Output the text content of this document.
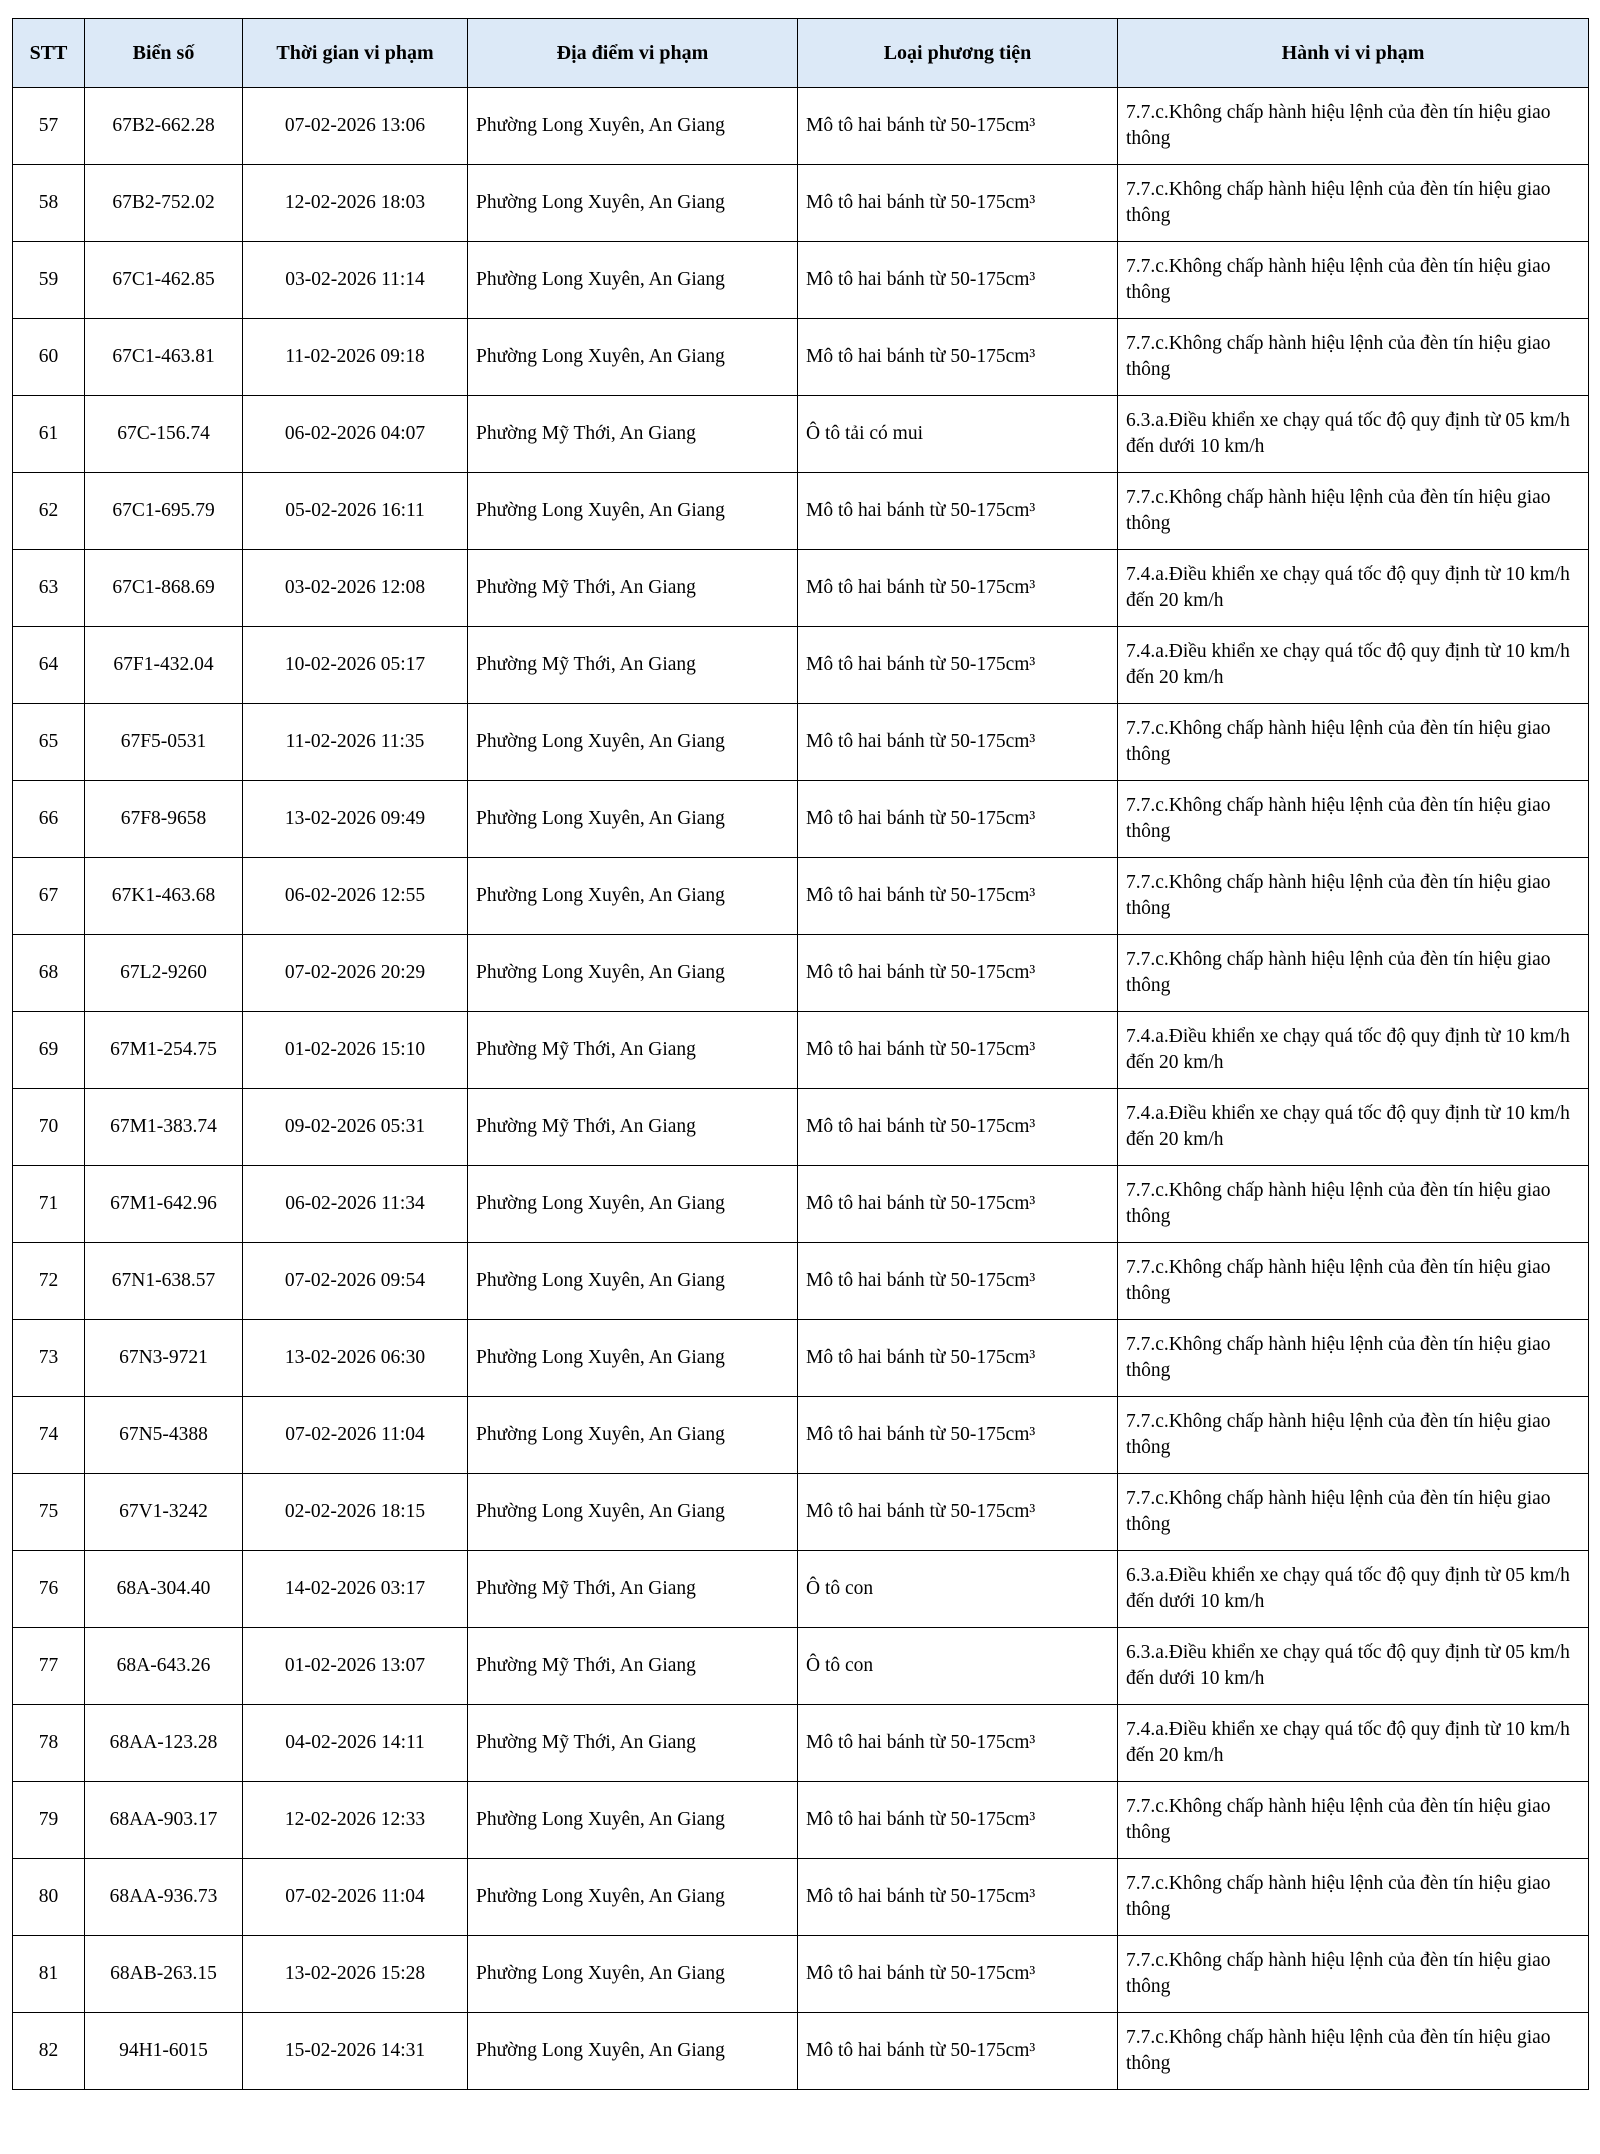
STT	Biển số	Thời gian vi phạm	Địa điểm vi phạm	Loại phương tiện	Hành vi vi phạm
57	67B2-662.28	07-02-2026 13:06	Phường Long Xuyên, An Giang	Mô tô hai bánh từ 50-175cm³	7.7.c.Không chấp hành hiệu lệnh của đèn tín hiệu giao thông
58	67B2-752.02	12-02-2026 18:03	Phường Long Xuyên, An Giang	Mô tô hai bánh từ 50-175cm³	7.7.c.Không chấp hành hiệu lệnh của đèn tín hiệu giao thông
59	67C1-462.85	03-02-2026 11:14	Phường Long Xuyên, An Giang	Mô tô hai bánh từ 50-175cm³	7.7.c.Không chấp hành hiệu lệnh của đèn tín hiệu giao thông
60	67C1-463.81	11-02-2026 09:18	Phường Long Xuyên, An Giang	Mô tô hai bánh từ 50-175cm³	7.7.c.Không chấp hành hiệu lệnh của đèn tín hiệu giao thông
61	67C-156.74	06-02-2026 04:07	Phường Mỹ Thới, An Giang	Ô tô tải có mui	6.3.a.Điều khiển xe chạy quá tốc độ quy định từ 05 km/h đến dưới 10 km/h
62	67C1-695.79	05-02-2026 16:11	Phường Long Xuyên, An Giang	Mô tô hai bánh từ 50-175cm³	7.7.c.Không chấp hành hiệu lệnh của đèn tín hiệu giao thông
63	67C1-868.69	03-02-2026 12:08	Phường Mỹ Thới, An Giang	Mô tô hai bánh từ 50-175cm³	7.4.a.Điều khiển xe chạy quá tốc độ quy định từ 10 km/h đến 20 km/h
64	67F1-432.04	10-02-2026 05:17	Phường Mỹ Thới, An Giang	Mô tô hai bánh từ 50-175cm³	7.4.a.Điều khiển xe chạy quá tốc độ quy định từ 10 km/h đến 20 km/h
65	67F5-0531	11-02-2026 11:35	Phường Long Xuyên, An Giang	Mô tô hai bánh từ 50-175cm³	7.7.c.Không chấp hành hiệu lệnh của đèn tín hiệu giao thông
66	67F8-9658	13-02-2026 09:49	Phường Long Xuyên, An Giang	Mô tô hai bánh từ 50-175cm³	7.7.c.Không chấp hành hiệu lệnh của đèn tín hiệu giao thông
67	67K1-463.68	06-02-2026 12:55	Phường Long Xuyên, An Giang	Mô tô hai bánh từ 50-175cm³	7.7.c.Không chấp hành hiệu lệnh của đèn tín hiệu giao thông
68	67L2-9260	07-02-2026 20:29	Phường Long Xuyên, An Giang	Mô tô hai bánh từ 50-175cm³	7.7.c.Không chấp hành hiệu lệnh của đèn tín hiệu giao thông
69	67M1-254.75	01-02-2026 15:10	Phường Mỹ Thới, An Giang	Mô tô hai bánh từ 50-175cm³	7.4.a.Điều khiển xe chạy quá tốc độ quy định từ 10 km/h đến 20 km/h
70	67M1-383.74	09-02-2026 05:31	Phường Mỹ Thới, An Giang	Mô tô hai bánh từ 50-175cm³	7.4.a.Điều khiển xe chạy quá tốc độ quy định từ 10 km/h đến 20 km/h
71	67M1-642.96	06-02-2026 11:34	Phường Long Xuyên, An Giang	Mô tô hai bánh từ 50-175cm³	7.7.c.Không chấp hành hiệu lệnh của đèn tín hiệu giao thông
72	67N1-638.57	07-02-2026 09:54	Phường Long Xuyên, An Giang	Mô tô hai bánh từ 50-175cm³	7.7.c.Không chấp hành hiệu lệnh của đèn tín hiệu giao thông
73	67N3-9721	13-02-2026 06:30	Phường Long Xuyên, An Giang	Mô tô hai bánh từ 50-175cm³	7.7.c.Không chấp hành hiệu lệnh của đèn tín hiệu giao thông
74	67N5-4388	07-02-2026 11:04	Phường Long Xuyên, An Giang	Mô tô hai bánh từ 50-175cm³	7.7.c.Không chấp hành hiệu lệnh của đèn tín hiệu giao thông
75	67V1-3242	02-02-2026 18:15	Phường Long Xuyên, An Giang	Mô tô hai bánh từ 50-175cm³	7.7.c.Không chấp hành hiệu lệnh của đèn tín hiệu giao thông
76	68A-304.40	14-02-2026 03:17	Phường Mỹ Thới, An Giang	Ô tô con	6.3.a.Điều khiển xe chạy quá tốc độ quy định từ 05 km/h đến dưới 10 km/h
77	68A-643.26	01-02-2026 13:07	Phường Mỹ Thới, An Giang	Ô tô con	6.3.a.Điều khiển xe chạy quá tốc độ quy định từ 05 km/h đến dưới 10 km/h
78	68AA-123.28	04-02-2026 14:11	Phường Mỹ Thới, An Giang	Mô tô hai bánh từ 50-175cm³	7.4.a.Điều khiển xe chạy quá tốc độ quy định từ 10 km/h đến 20 km/h
79	68AA-903.17	12-02-2026 12:33	Phường Long Xuyên, An Giang	Mô tô hai bánh từ 50-175cm³	7.7.c.Không chấp hành hiệu lệnh của đèn tín hiệu giao thông
80	68AA-936.73	07-02-2026 11:04	Phường Long Xuyên, An Giang	Mô tô hai bánh từ 50-175cm³	7.7.c.Không chấp hành hiệu lệnh của đèn tín hiệu giao thông
81	68AB-263.15	13-02-2026 15:28	Phường Long Xuyên, An Giang	Mô tô hai bánh từ 50-175cm³	7.7.c.Không chấp hành hiệu lệnh của đèn tín hiệu giao thông
82	94H1-6015	15-02-2026 14:31	Phường Long Xuyên, An Giang	Mô tô hai bánh từ 50-175cm³	7.7.c.Không chấp hành hiệu lệnh của đèn tín hiệu giao thông
